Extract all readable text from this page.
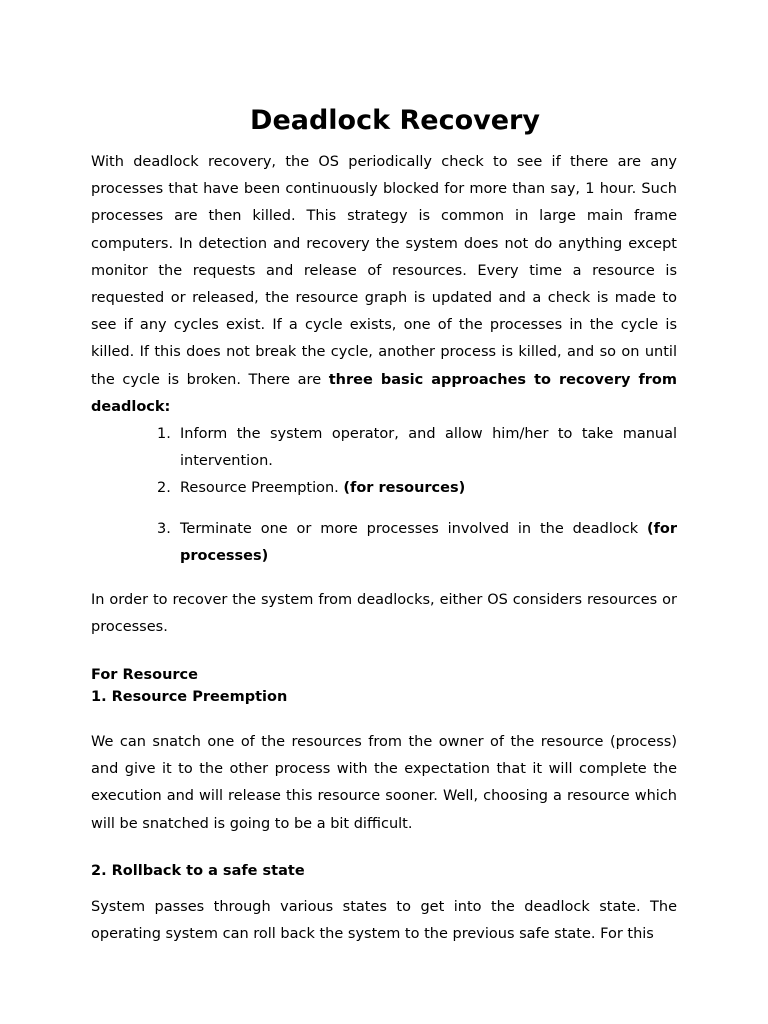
Deadlock Recovery

With deadlock recovery, the OS periodically check to see if there are any processes that have been continuously blocked for more than say, 1 hour. Such processes are then killed. This strategy is common in large main frame computers. In detection and recovery the system does not do anything except monitor the requests and release of resources. Every time a resource is requested or released, the resource graph is updated and a check is made to see if any cycles exist. If a cycle exists, one of the processes in the cycle is killed. If this does not break the cycle, another process is killed, and so on until the cycle is broken. There are three basic approaches to recovery from deadlock:

1. Inform the system operator, and allow him/her to take manual intervention.
2. Resource Preemption. (for resources)
3. Terminate one or more processes involved in the deadlock (for processes)

In order to recover the system from deadlocks, either OS considers resources or processes.

For Resource

1. Resource Preemption

We can snatch one of the resources from the owner of the resource (process) and give it to the other process with the expectation that it will complete the execution and will release this resource sooner. Well, choosing a resource which will be snatched is going to be a bit difficult.

2. Rollback to a safe state

System passes through various states to get into the deadlock state. The operating system can roll back the system to the previous safe state. For this
